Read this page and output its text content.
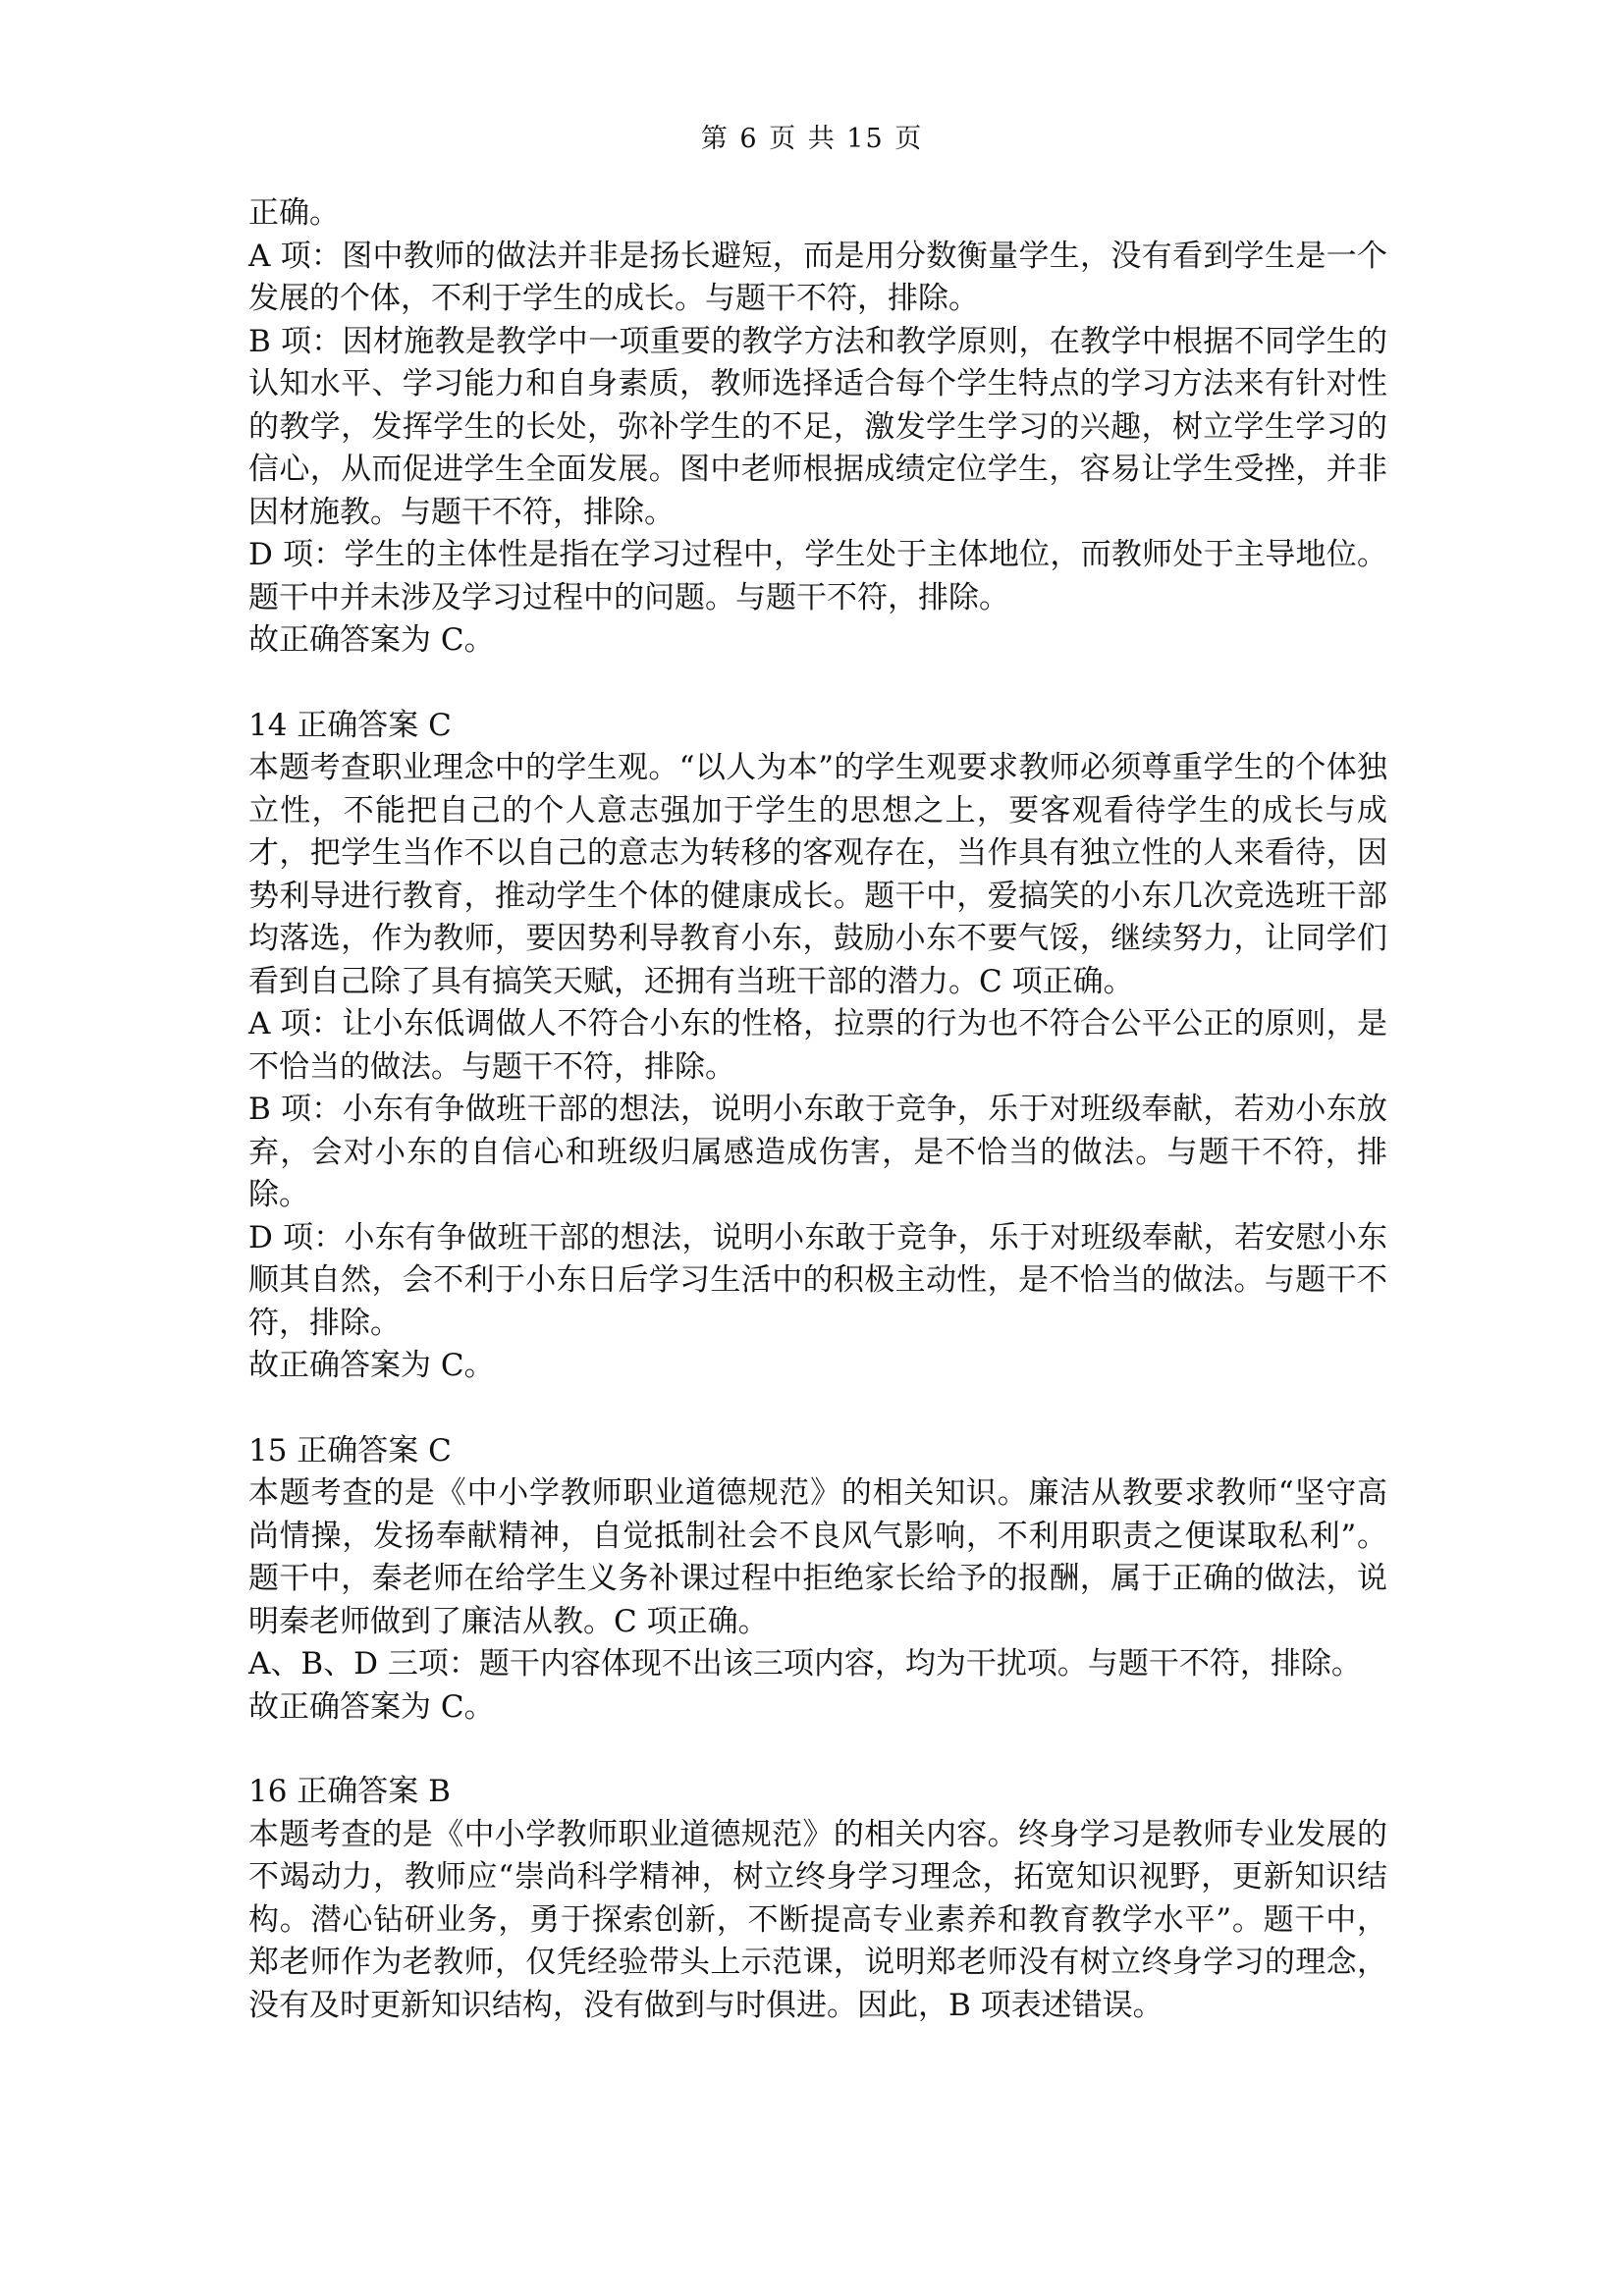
第 6 页 共 15 页

正确。

A 项：图中教师的做法并非是扬长避短，而是用分数衡量学生，没有看到学生是一个发展的个体，不利于学生的成长。与题干不符，排除。

B 项：因材施教是教学中一项重要的教学方法和教学原则，在教学中根据不同学生的认知水平、学习能力和自身素质，教师选择适合每个学生特点的学习方法来有针对性的教学，发挥学生的长处，弥补学生的不足，激发学生学习的兴趣，树立学生学习的信心，从而促进学生全面发展。图中老师根据成绩定位学生，容易让学生受挫，并非因材施教。与题干不符，排除。

D 项：学生的主体性是指在学习过程中，学生处于主体地位，而教师处于主导地位。题干中并未涉及学习过程中的问题。与题干不符，排除。

故正确答案为 C。

14 正确答案 C

本题考查职业理念中的学生观。“以人为本”的学生观要求教师必须尊重学生的个体独立性，不能把自己的个人意志强加于学生的思想之上，要客观看待学生的成长与成才，把学生当作不以自己的意志为转移的客观存在，当作具有独立性的人来看待，因势利导进行教育，推动学生个体的健康成长。题干中，爱搞笑的小东几次竞选班干部均落选，作为教师，要因势利导教育小东，鼓励小东不要气馁，继续努力，让同学们看到自己除了具有搞笑天赋，还拥有当班干部的潜力。C 项正确。

A 项：让小东低调做人不符合小东的性格，拉票的行为也不符合公平公正的原则，是不恰当的做法。与题干不符，排除。

B 项：小东有争做班干部的想法，说明小东敢于竞争，乐于对班级奉献，若劝小东放弃，会对小东的自信心和班级归属感造成伤害，是不恰当的做法。与题干不符，排除。

D 项：小东有争做班干部的想法，说明小东敢于竞争，乐于对班级奉献，若安慰小东顺其自然，会不利于小东日后学习生活中的积极主动性，是不恰当的做法。与题干不符，排除。

故正确答案为 C。

15 正确答案 C

本题考查的是《中小学教师职业道德规范》的相关知识。廉洁从教要求教师“坚守高尚情操，发扬奉献精神，自觉抵制社会不良风气影响，不利用职责之便谋取私利”。题干中，秦老师在给学生义务补课过程中拒绝家长给予的报酬，属于正确的做法，说明秦老师做到了廉洁从教。C 项正确。

A、B、D 三项：题干内容体现不出该三项内容，均为干扰项。与题干不符，排除。

故正确答案为 C。

16 正确答案 B

本题考查的是《中小学教师职业道德规范》的相关内容。终身学习是教师专业发展的不竭动力，教师应“崇尚科学精神，树立终身学习理念，拓宽知识视野，更新知识结构。潜心钻研业务，勇于探索创新，不断提高专业素养和教育教学水平”。题干中，郑老师作为老教师，仅凭经验带头上示范课，说明郑老师没有树立终身学习的理念，没有及时更新知识结构，没有做到与时俱进。因此，B 项表述错误。
